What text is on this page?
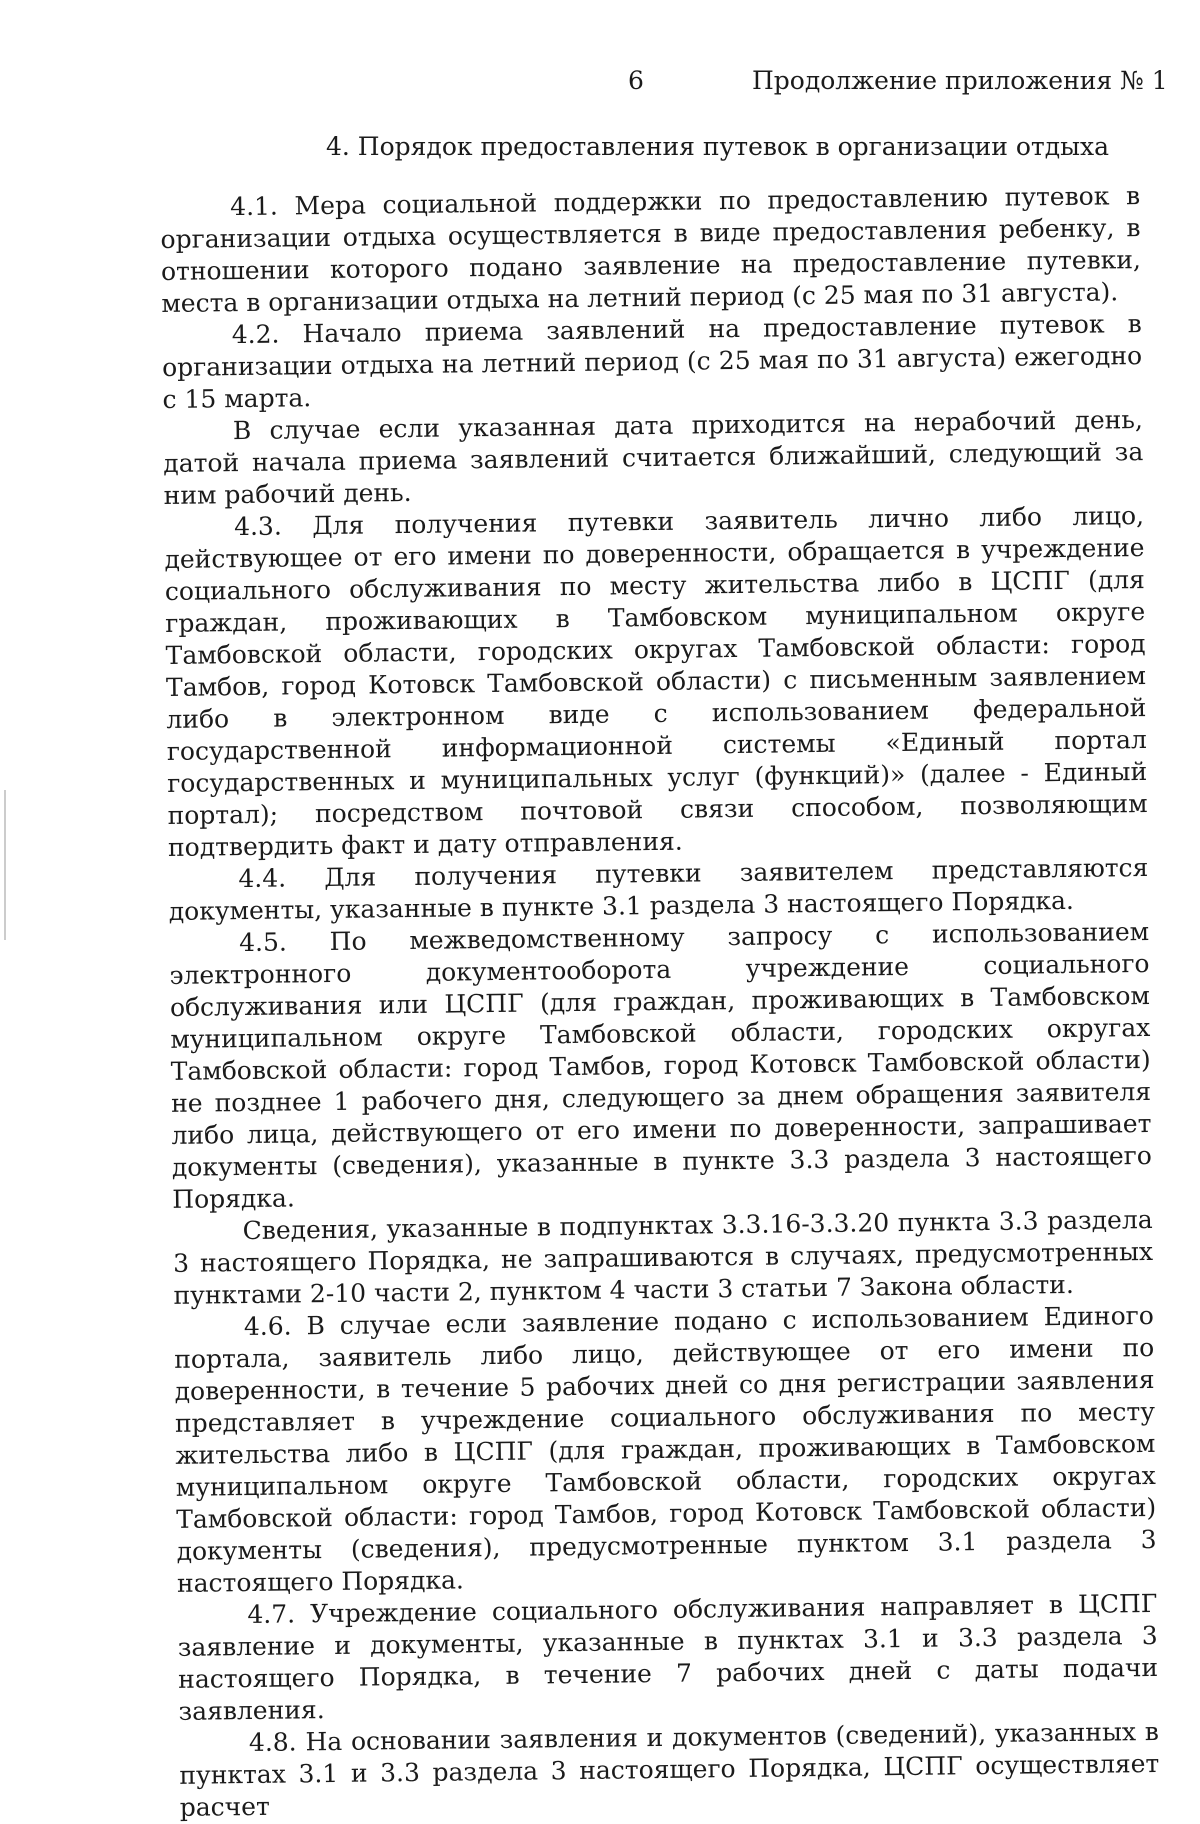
6	Продолжение приложения № 1
4. Порядок предоставления путевок в организации отдыха

4.1. Мера социальной поддержки по предоставлению путевок в организации отдыха осуществляется в виде предоставления ребенку, в отношении которого подано заявление на предоставление путевки, места в организации отдыха на летний период (с 25 мая по 31 августа).

4.2. Начало приема заявлений на предоставление путевок в организации отдыха на летний период (с 25 мая по 31 августа) ежегодно с 15 марта.

В случае если указанная дата приходится на нерабочий день, датой начала приема заявлений считается ближайший, следующий за ним рабочий день.

4.3. Для получения путевки заявитель лично либо лицо, действующее от его имени по доверенности, обращается в учреждение социального обслуживания по месту жительства либо в ЦСПГ (для граждан, проживающих в Тамбовском муниципальном округе Тамбовской области, городских округах Тамбовской области: город Тамбов, город Котовск Тамбовской области) с письменным заявлением либо в электронном виде с использованием федеральной государственной информационной системы «Единый портал государственных и муниципальных услуг (функций)» (далее - Единый портал); посредством почтовой связи способом, позволяющим подтвердить факт и дату отправления.

4.4. Для получения путевки заявителем представляются документы, указанные в пункте 3.1 раздела 3 настоящего Порядка.

4.5. По межведомственному запросу с использованием электронного документооборота учреждение социального обслуживания или ЦСПГ (для граждан, проживающих в Тамбовском муниципальном округе Тамбовской области, городских округах Тамбовской области: город Тамбов, город Котовск Тамбовской области) не позднее 1 рабочего дня, следующего за днем обращения заявителя либо лица, действующего от его имени по доверенности, запрашивает документы (сведения), указанные в пункте 3.3 раздела 3 настоящего Порядка.

Сведения, указанные в подпунктах 3.3.16-3.3.20 пункта 3.3 раздела 3 настоящего Порядка, не запрашиваются в случаях, предусмотренных пунктами 2-10 части 2, пунктом 4 части 3 статьи 7 Закона области.

4.6. В случае если заявление подано с использованием Единого портала, заявитель либо лицо, действующее от его имени по доверенности, в течение 5 рабочих дней со дня регистрации заявления представляет в учреждение социального обслуживания по месту жительства либо в ЦСПГ (для граждан, проживающих в Тамбовском муниципальном округе Тамбовской области, городских округах Тамбовской области: город Тамбов, город Котовск Тамбовской области) документы (сведения), предусмотренные пунктом 3.1 раздела 3 настоящего Порядка.

4.7. Учреждение социального обслуживания направляет в ЦСПГ заявление и документы, указанные в пунктах 3.1 и 3.3 раздела 3 настоящего Порядка, в течение 7 рабочих дней с даты подачи заявления.

4.8. На основании заявления и документов (сведений), указанных в пунктах 3.1 и 3.3 раздела 3 настоящего Порядка, ЦСПГ осуществляет расчет
